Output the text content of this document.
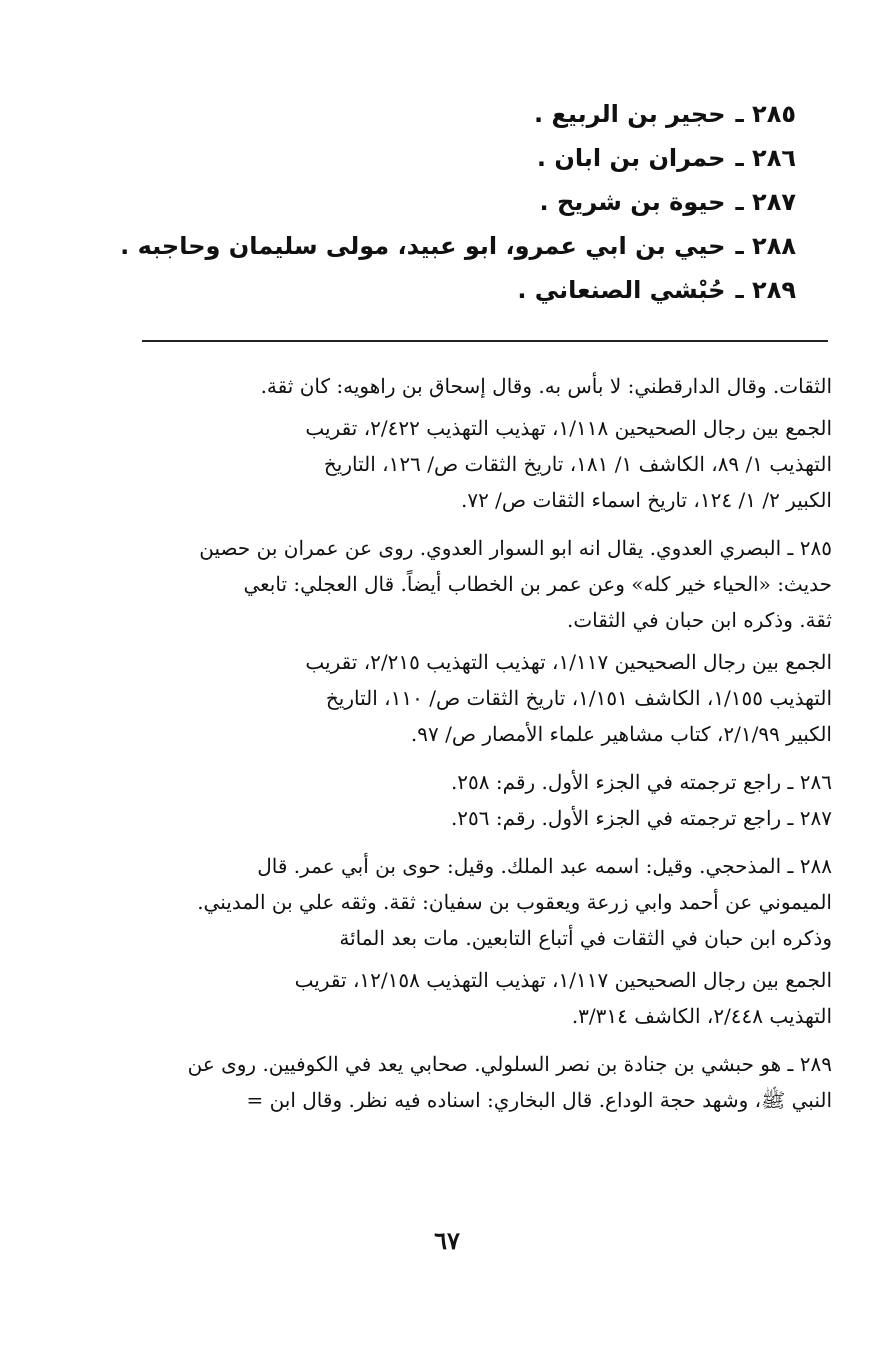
٢٨٥ ـحجير بن الربيع .
٢٨٦ ـحمران بن ابان .
٢٨٧ ـحيوة بن شريح .
٢٨٨ ـحيي بن ابي عمرو، ابو عبيد، مولى سليمان وحاجبه .
٢٨٩ ـحُبْشي الصنعاني .
الثقات. وقال الدارقطني: لا بأس به. وقال إسحاق بن راهويه: كان ثقة.
الجمع بين رجال الصحيحين ١/١١٨، تهذيب التهذيب ٢/٤٢٢، تقريب
التهذيب ١/ ٨٩، الكاشف ١/ ١٨١، تاريخ الثقات ص/ ١٢٦، التاريخ
الكبير ٢/ ١/ ١٢٤، تاريخ اسماء الثقات ص/ ٧٢.
٢٨٥ ـ البصري العدوي. يقال انه ابو السوار العدوي. روى عن عمران بن حصين
حديث: «الحياء خير كله» وعن عمر بن الخطاب أيضاً. قال العجلي: تابعي
ثقة. وذكره ابن حبان في الثقات.
الجمع بين رجال الصحيحين ١/١١٧، تهذيب التهذيب ٢/٢١٥، تقريب
التهذيب ١/١٥٥، الكاشف ١/١٥١، تاريخ الثقات ص/ ١١٠، التاريخ
الكبير ٢/١/٩٩، كتاب مشاهير علماء الأمصار ص/ ٩٧.
٢٨٦ ـ راجع ترجمته في الجزء الأول. رقم: ٢٥٨.
٢٨٧ ـ راجع ترجمته في الجزء الأول. رقم: ٢٥٦.
٢٨٨ ـ المذحجي. وقيل: اسمه عبد الملك. وقيل: حوى بن أبي عمر. قال
الميموني عن أحمد وابي زرعة ويعقوب بن سفيان: ثقة. وثقه علي بن المديني.
وذكره ابن حبان في الثقات في أتباع التابعين. مات بعد المائة
الجمع بين رجال الصحيحين ١/١١٧، تهذيب التهذيب ١٢/١٥٨، تقريب
التهذيب ٢/٤٤٨، الكاشف ٣/٣١٤.
٢٨٩ ـ هو حبشي بن جنادة بن نصر السلولي. صحابي يعد في الكوفيين. روى عن
النبي ﷺ، وشهد حجة الوداع. قال البخاري: اسناده فيه نظر. وقال ابن =
٦٧
